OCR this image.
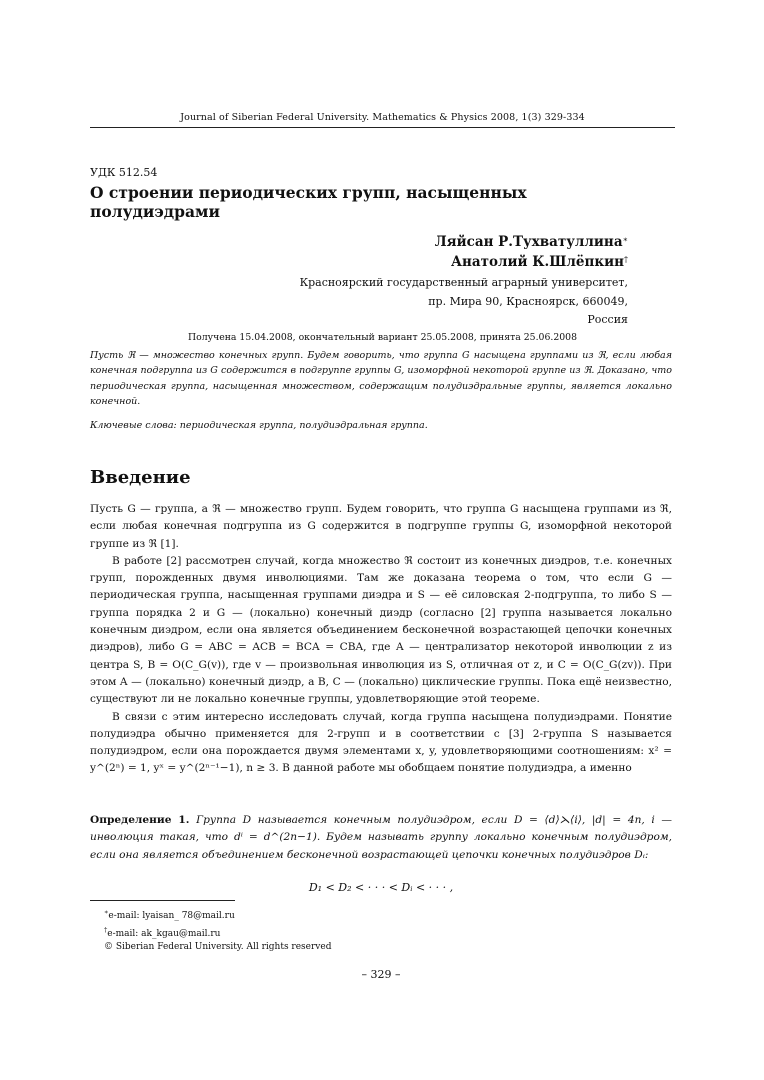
Journal of Siberian Federal University. Mathematics & Physics 2008, 1(3) 329-334
УДК 512.54
О строении периодических групп, насыщенных полудиэдрами
Ляйсан Р.Тухватуллина∗
Анатолий К.Шлёпкин†
Красноярский государственный аграрный университет,
пр. Мира 90, Красноярск, 660049,
Россия
Получена 15.04.2008, окончательный вариант 25.05.2008, принята 25.06.2008
Пусть ℜ — множество конечных групп. Будем говорить, что группа G насыщена группами из ℜ, если любая конечная подгруппа из G содержится в подгруппе группы G, изоморфной некоторой группе из ℜ. Доказано, что периодическая группа, насыщенная множеством, содержащим полудиэдральные группы, является локально конечной.
Ключевые слова: периодическая группа, полудиэдральная группа.
Введение

Пусть G — группа, а ℜ — множество групп. Будем говорить, что группа G насыщена группами из ℜ, если любая конечная подгруппа из G содержится в подгруппе группы G, изоморфной некоторой группе из ℜ [1].

В работе [2] рассмотрен случай, когда множество ℜ состоит из конечных диэдров, т.е. конечных групп, порожденных двумя инволюциями. Там же доказана теорема о том, что если G — периодическая группа, насыщенная группами диэдра и S — её силовская 2-подгруппа, то либо S — группа порядка 2 и G — (локально) конечный диэдр (согласно [2] группа называется локально конечным диэдром, если она является объединением бесконечной возрастающей цепочки конечных диэдров), либо G = ABC = ACB = BCA = CBA, где A — централизатор некоторой инволюции z из центра S, B = O(C_G(v)), где v — произвольная инволюция из S, отличная от z, и C = O(C_G(zv)). При этом A — (локально) конечный диэдр, а B, C — (локально) циклические группы. Пока ещё неизвестно, существуют ли не локально конечные группы, удовлетворяющие этой теореме.

В связи с этим интересно исследовать случай, когда группа насыщена полудиэдрами. Понятие полудиэдра обычно применяется для 2-групп и в соответствии с [3] 2-группа S называется полудиэдром, если она порождается двумя элементами x, y, удовлетворяющими соотношениям: x² = y^(2ⁿ) = 1, yˣ = y^(2ⁿ⁻¹−1), n ≥ 3. В данной работе мы обобщаем понятие полудиэдра, а именно

Определение 1. Группа D называется конечным полудиэдром, если D = ⟨d⟩⋋⟨i⟩, |d| = 4n, i — инволюция такая, что dⁱ = d^(2n−1). Будем называть группу локально конечным полудиэдром, если она является объединением бесконечной возрастающей цепочки конечных полудиэдров Dᵢ:
D₁ < D₂ < · · · < Dᵢ < · · · ,
∗e-mail: lyaisan_ 78@mail.ru
†e-mail: ak_kgau@mail.ru
© Siberian Federal University. All rights reserved
– 329 –
